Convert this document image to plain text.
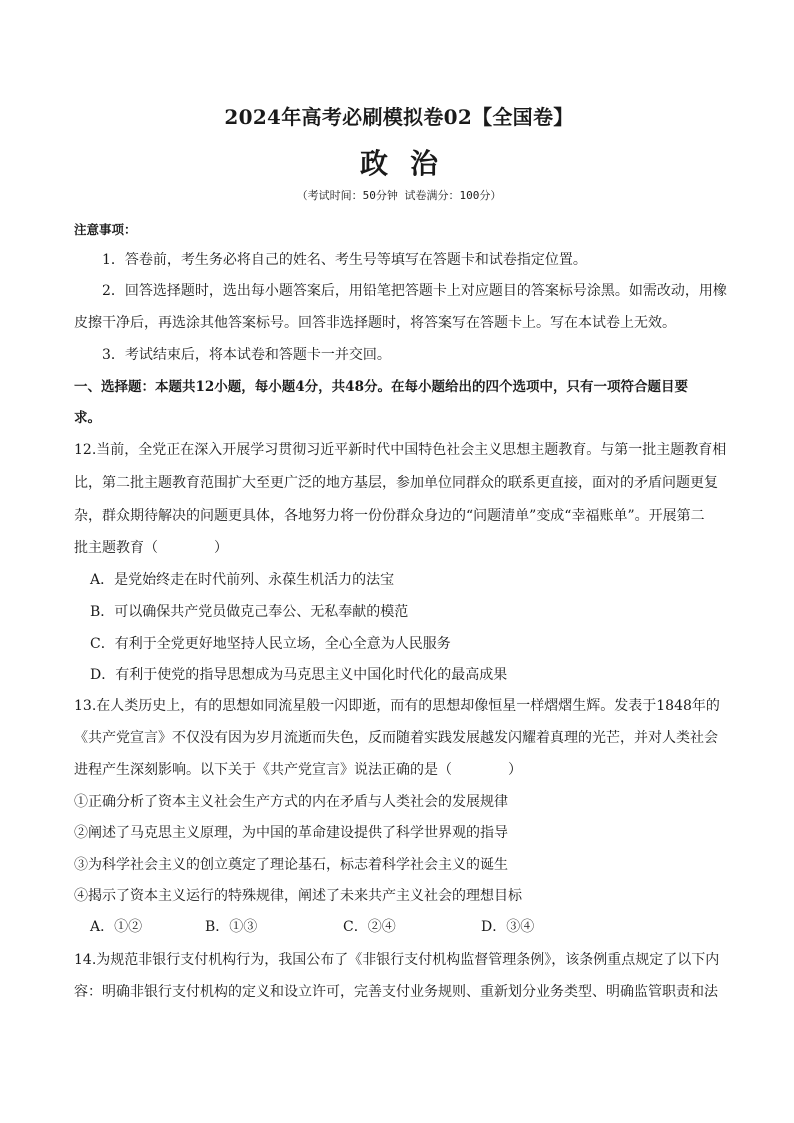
2024年高考必刷模拟卷02【全国卷】
政治
（考试时间：50分钟 试卷满分：100分）
注意事项：
1．答卷前，考生务必将自己的姓名、考生号等填写在答题卡和试卷指定位置。
2．回答选择题时，选出每小题答案后，用铅笔把答题卡上对应题目的答案标号涂黑。如需改动，用橡
皮擦干净后，再选涂其他答案标号。回答非选择题时，将答案写在答题卡上。写在本试卷上无效。
3．考试结束后，将本试卷和答题卡一并交回。
一、选择题：本题共12小题，每小题4分，共48分。在每小题给出的四个选项中，只有一项符合题目要
求。
12.当前，全党正在深入开展学习贯彻习近平新时代中国特色社会主义思想主题教育。与第一批主题教育相
比，第二批主题教育范围扩大至更广泛的地方基层，参加单位同群众的联系更直接，面对的矛盾问题更复
杂，群众期待解决的问题更具体，各地努力将一份份群众身边的“问题清单”变成“幸福账单”。开展第二
批主题教育（　　　　）
A．是党始终走在时代前列、永葆生机活力的法宝
B．可以确保共产党员做克己奉公、无私奉献的模范
C．有利于全党更好地坚持人民立场，全心全意为人民服务
D．有利于使党的指导思想成为马克思主义中国化时代化的最高成果
13.在人类历史上，有的思想如同流星般一闪即逝，而有的思想却像恒星一样熠熠生辉。发表于1848年的
《共产党宣言》不仅没有因为岁月流逝而失色，反而随着实践发展越发闪耀着真理的光芒，并对人类社会
进程产生深刻影响。以下关于《共产党宣言》说法正确的是（　　　　）
①正确分析了资本主义社会生产方式的内在矛盾与人类社会的发展规律
②阐述了马克思主义原理，为中国的革命建设提供了科学世界观的指导
③为科学社会主义的创立奠定了理论基石，标志着科学社会主义的诞生
④揭示了资本主义运行的特殊规律，阐述了未来共产主义社会的理想目标
A．①②	B．①③	C．②④	D．③④
14.为规范非银行支付机构行为，我国公布了《非银行支付机构监督管理条例》，该条例重点规定了以下内
容：明确非银行支付机构的定义和设立许可，完善支付业务规则、重新划分业务类型、明确监管职责和法
